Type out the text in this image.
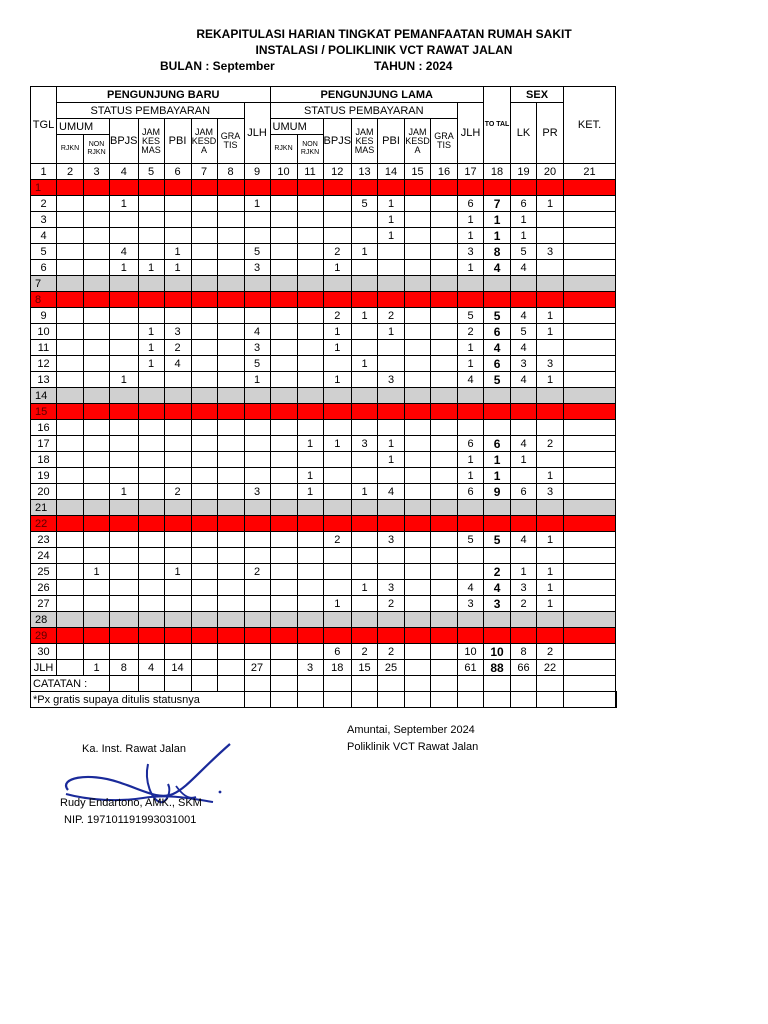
REKAPITULASI HARIAN TINGKAT PEMANFAATAN RUMAH SAKIT
INSTALASI / POLIKLINIK VCT RAWAT JALAN
BULAN : September	TAHUN : 2024
TGL	PENGUNJUNG BARU								PENGUNJUNG LAMA								TO TAL	SEX		KET.	
	STATUS PEMBAYARAN							JLH	STATUS PEMBAYARAN							JLH		LK	PR		
	UMUM		BPJS	JAM KES MAS	PBI	JAM KESD A	GRA TIS		UMUM		BPJS	JAM KES MAS	PBI	JAM KESD A	GRA TIS						
	RJKN	NON RJKN							RJKN	NON RJKN											
1	2	3	4	5	6	7	8	9	10	11	12	13	14	15	16	17	18	19	20	21	
1																					
2			1					1				5	1			6	7	6	1		
3													1			1	1	1			
4													1			1	1	1			
5			4		1			5			2	1				3	8	5	3		
6			1	1	1			3			1					1	4	4			
7																					
8																					
9											2	1	2			5	5	4	1		
10				1	3			4			1		1			2	6	5	1		
11				1	2			3			1					1	4	4			
12				1	4			5				1				1	6	3	3		
13			1					1			1		3			4	5	4	1		
14																					
15																					
16																					
17										1	1	3	1			6	6	4	2		
18													1			1	1	1			
19										1						1	1		1		
20			1		2			3		1		1	4			6	9	6	3		
21																					
22																					
23											2		3			5	5	4	1		
24																					
25		1			1			2									2	1	1		
26												1	3			4	4	3	1		
27											1		2			3	3	2	1		
28																					
29																					
30											6	2	2			10	10	8	2		
JLH		1	8	4	14			27		3	18	15	25			61	88	66	22		
CATATAN :																					
*Px gratis supaya ditulis statusnya																					
Amuntai, September 2024
Poliklinik VCT Rawat Jalan
Ka. Inst. Rawat Jalan
Rudy Endartono, AMK., SKM
NIP. 197101191993031001
